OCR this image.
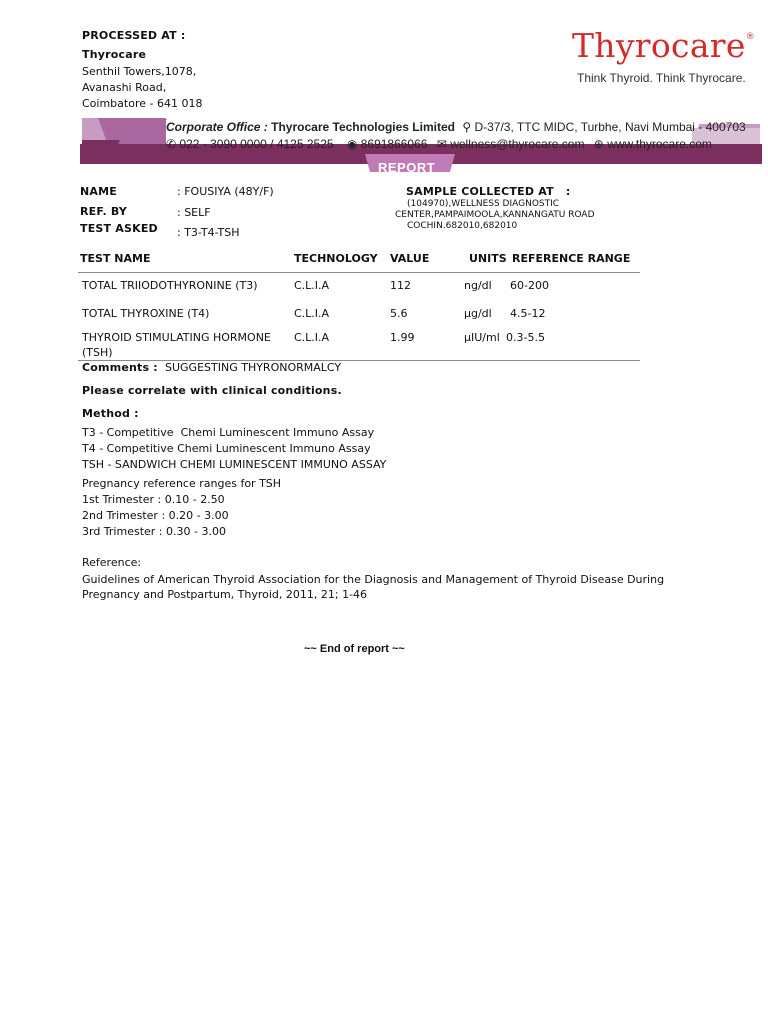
PROCESSED AT :
Thyrocare
Senthil Towers,1078,
Avanashi Road,
Coimbatore - 641 018
Thyrocare®
Think Thyroid. Think Thyrocare.
Corporate Office : Thyrocare Technologies Limited ⚲ D-37/3, TTC MIDC, Turbhe, Navi Mumbai - 400703
✆ 022 - 3090 0000 / 4125 2525 ◉ 8691866066 ✉ wellness@thyrocare.com ⊕ www.thyrocare.com
REPORT
NAME	: FOUSIYA (48Y/F)
REF. BY	: SELF
TEST ASKED : T3-T4-TSH
SAMPLE COLLECTED AT   :
(104970),WELLNESS DIAGNOSTIC
CENTER,PAMPAIMOOLA,KANNANGATU ROAD
COCHIN.682010,682010
TEST NAME	TECHNOLOGY VALUE	UNITS REFERENCE RANGE
TOTAL TRIIODOTHYRONINE (T3)	C.L.I.A	112	ng/dl 60-200
TOTAL THYROXINE (T4)	C.L.I.A	5.6	µg/dl 4.5-12
THYROID STIMULATING HORMONE
(TSH)
C.L.I.A	1.99	µIU/ml 0.3-5.5
Comments : SUGGESTING THYRONORMALCY
Please correlate with clinical conditions.
Method :
T3 - Competitive  Chemi Luminescent Immuno Assay
T4 - Competitive Chemi Luminescent Immuno Assay
TSH - SANDWICH CHEMI LUMINESCENT IMMUNO ASSAY
Pregnancy reference ranges for TSH
1st Trimester : 0.10 - 2.50
2nd Trimester : 0.20 - 3.00
3rd Trimester : 0.30 - 3.00
Reference:
Guidelines of American Thyroid Association for the Diagnosis and Management of Thyroid Disease During
Pregnancy and Postpartum, Thyroid, 2011, 21; 1-46
~~ End of report ~~
